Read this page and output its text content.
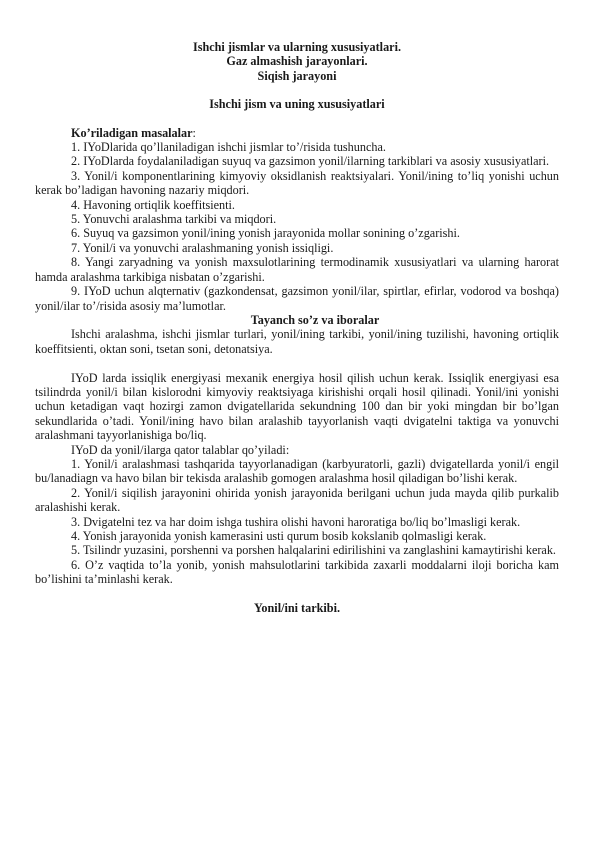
Ishchi jismlar va ularning xususiyatlari.
Gaz almashish jarayonlari.
Siqish jarayoni
Ishchi jism va uning xususiyatlari

Ko’riladigan masalalar:

1. IYoDlarida qo’llaniladigan ishchi jismlar to’/risida tushuncha.

2. IYoDlarda foydalaniladigan suyuq va gazsimon yonil/ilarning tarkiblari va asosiy xususiyatlari.

3. Yonil/i komponentlarining kimyoviy oksidlanish reaktsiyalari. Yonil/ining to’liq yonishi uchun kerak bo’ladigan havoning nazariy miqdori.

4. Havoning ortiqlik koeffitsienti.

5. Yonuvchi aralashma tarkibi va miqdori.

6. Suyuq va gazsimon yonil/ining yonish jarayonida mollar sonining o’zgarishi.

7. Yonil/i va yonuvchi aralashmaning yonish issiqligi.

8. Yangi zaryadning va yonish maxsulotlarining termodinamik xususiyatlari va ularning harorat hamda aralashma tarkibiga nisbatan o’zgarishi.

9. IYoD uchun alqternativ (gazkondensat, gazsimon yonil/ilar, spirtlar, efirlar, vodorod va boshqa) yonil/ilar to’/risida asosiy ma’lumotlar.

Tayanch so’z va iboralar

Ishchi aralashma, ishchi jismlar turlari, yonil/ining tarkibi, yonil/ining tuzilishi, havoning ortiqlik koeffitsienti, oktan soni, tsetan soni, detonatsiya.

IYoD larda issiqlik energiyasi mexanik energiya hosil qilish uchun kerak. Issiqlik energiyasi esa tsilindrda yonil/i bilan kislorodni kimyoviy reaktsiyaga kirishishi orqali hosil qilinadi. Yonil/ini yonishi uchun ketadigan vaqt hozirgi zamon dvigatellarida sekundning 100 dan bir yoki mingdan bir bo’lgan sekundlarida o’tadi. Yonil/ining havo bilan aralashib tayyorlanish vaqti dvigatelni taktiga va yonuvchi aralashmani tayyorlanishiga bo/liq.

IYoD da yonil/ilarga qator talablar qo’yiladi:

1. Yonil/i aralashmasi tashqarida tayyorlanadigan (karbyuratorli, gazli) dvigatellarda yonil/i engil bu/lanadiagn va havo bilan bir tekisda aralashib gomogen aralashma hosil qiladigan bo’lishi kerak.

2. Yonil/i siqilish jarayonini ohirida yonish jarayonida berilgani uchun juda mayda qilib purkalib aralashishi kerak.

3. Dvigatelni tez va har doim ishga tushira olishi havoni haroratiga bo/liq bo’lmasligi kerak.

4. Yonish jarayonida yonish kamerasini usti qurum bosib kokslanib qolmasligi kerak.

5. Tsilindr yuzasini, porshenni va porshen halqalarini edirilishini va zanglashini kamaytirishi kerak.

6. O’z vaqtida to’la yonib, yonish mahsulotlarini tarkibida zaxarli moddalarni iloji boricha kam bo’lishini ta’minlashi kerak.

Yonil/ini tarkibi.
